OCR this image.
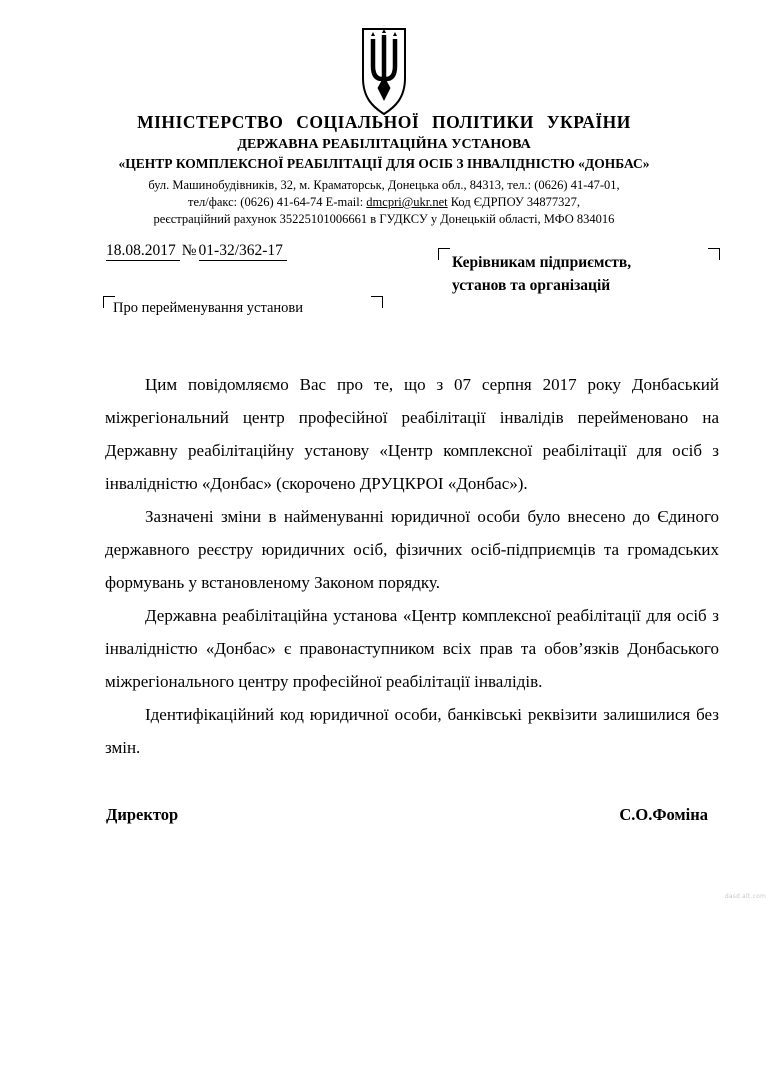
МІНІСТЕРСТВО СОЦІАЛЬНОЇ ПОЛІТИКИ УКРАЇНИ
ДЕРЖАВНА РЕАБІЛІТАЦІЙНА УСТАНОВА
«ЦЕНТР КОМПЛЕКСНОЇ РЕАБІЛІТАЦІЇ ДЛЯ ОСІБ З ІНВАЛІДНІСТЮ «ДОНБАС»
бул. Машинобудівників, 32, м. Краматорськ, Донецька обл., 84313, тел.: (0626) 41-47-01,
тел/факс: (0626) 41-64-74 E-mail: dmcpri@ukr.net Код ЄДРПОУ 34877327,
реєстраційний рахунок 35225101006661 в ГУДКСУ у Донецькій області, МФО 834016
18.08.2017 № 01-32/362-17
Керівникам підприємств,
установ та організацій
Про перейменування установи

Цим повідомляємо Вас про те, що з 07 серпня 2017 року Донбаський міжрегіональний центр професійної реабілітації інвалідів перейменовано на Державну реабілітаційну установу «Центр комплексної реабілітації для осіб з інвалідністю «Донбас» (скорочено ДРУЦКРОІ «Донбас»).

Зазначені зміни в найменуванні юридичної особи було внесено до Єдиного державного реєстру юридичних осіб, фізичних осіб-підприємців та громадських формувань у встановленому Законом порядку.

Державна реабілітаційна установа «Центр комплексної реабілітації для осіб з інвалідністю «Донбас» є правонаступником всіх прав та обов’язків Донбаського міжрегіонального центру професійної реабілітації інвалідів.

Ідентифікаційний код юридичної особи, банківські реквізити залишилися без змін.

Директор	С.О.Фоміна
dasd.alt.com
